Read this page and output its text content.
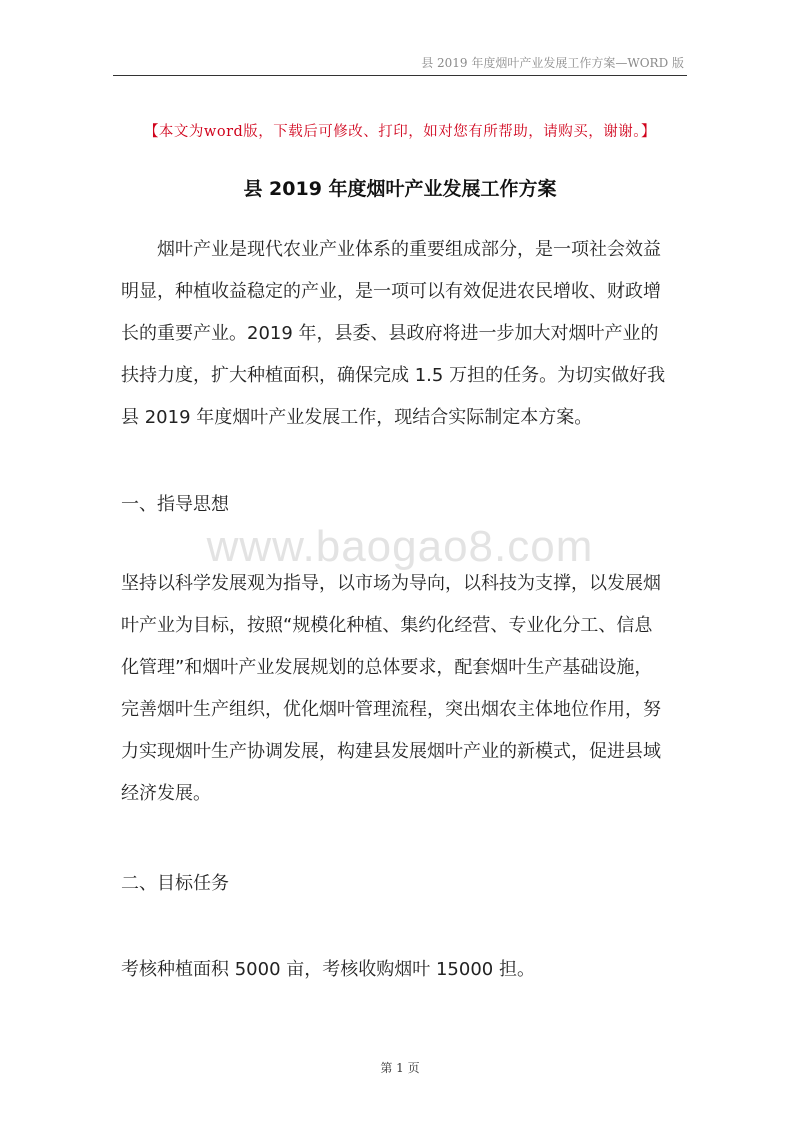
县 2019 年度烟叶产业发展工作方案—WORD 版
【本文为word版，下载后可修改、打印，如对您有所帮助，请购买，谢谢。】
县 2019 年度烟叶产业发展工作方案
烟叶产业是现代农业产业体系的重要组成部分，是一项社会效益
明显，种植收益稳定的产业，是一项可以有效促进农民增收、财政增
长的重要产业。2019 年，县委、县政府将进一步加大对烟叶产业的
扶持力度，扩大种植面积，确保完成 1.5 万担的任务。为切实做好我
县 2019 年度烟叶产业发展工作，现结合实际制定本方案。
一、指导思想
www.baogao8.com
坚持以科学发展观为指导，以市场为导向，以科技为支撑，以发展烟
叶产业为目标，按照“规模化种植、集约化经营、专业化分工、信息
化管理”和烟叶产业发展规划的总体要求，配套烟叶生产基础设施，
完善烟叶生产组织，优化烟叶管理流程，突出烟农主体地位作用，努
力实现烟叶生产协调发展，构建县发展烟叶产业的新模式，促进县域
经济发展。
二、目标任务
考核种植面积 5000 亩，考核收购烟叶 15000 担。
第 1 页
